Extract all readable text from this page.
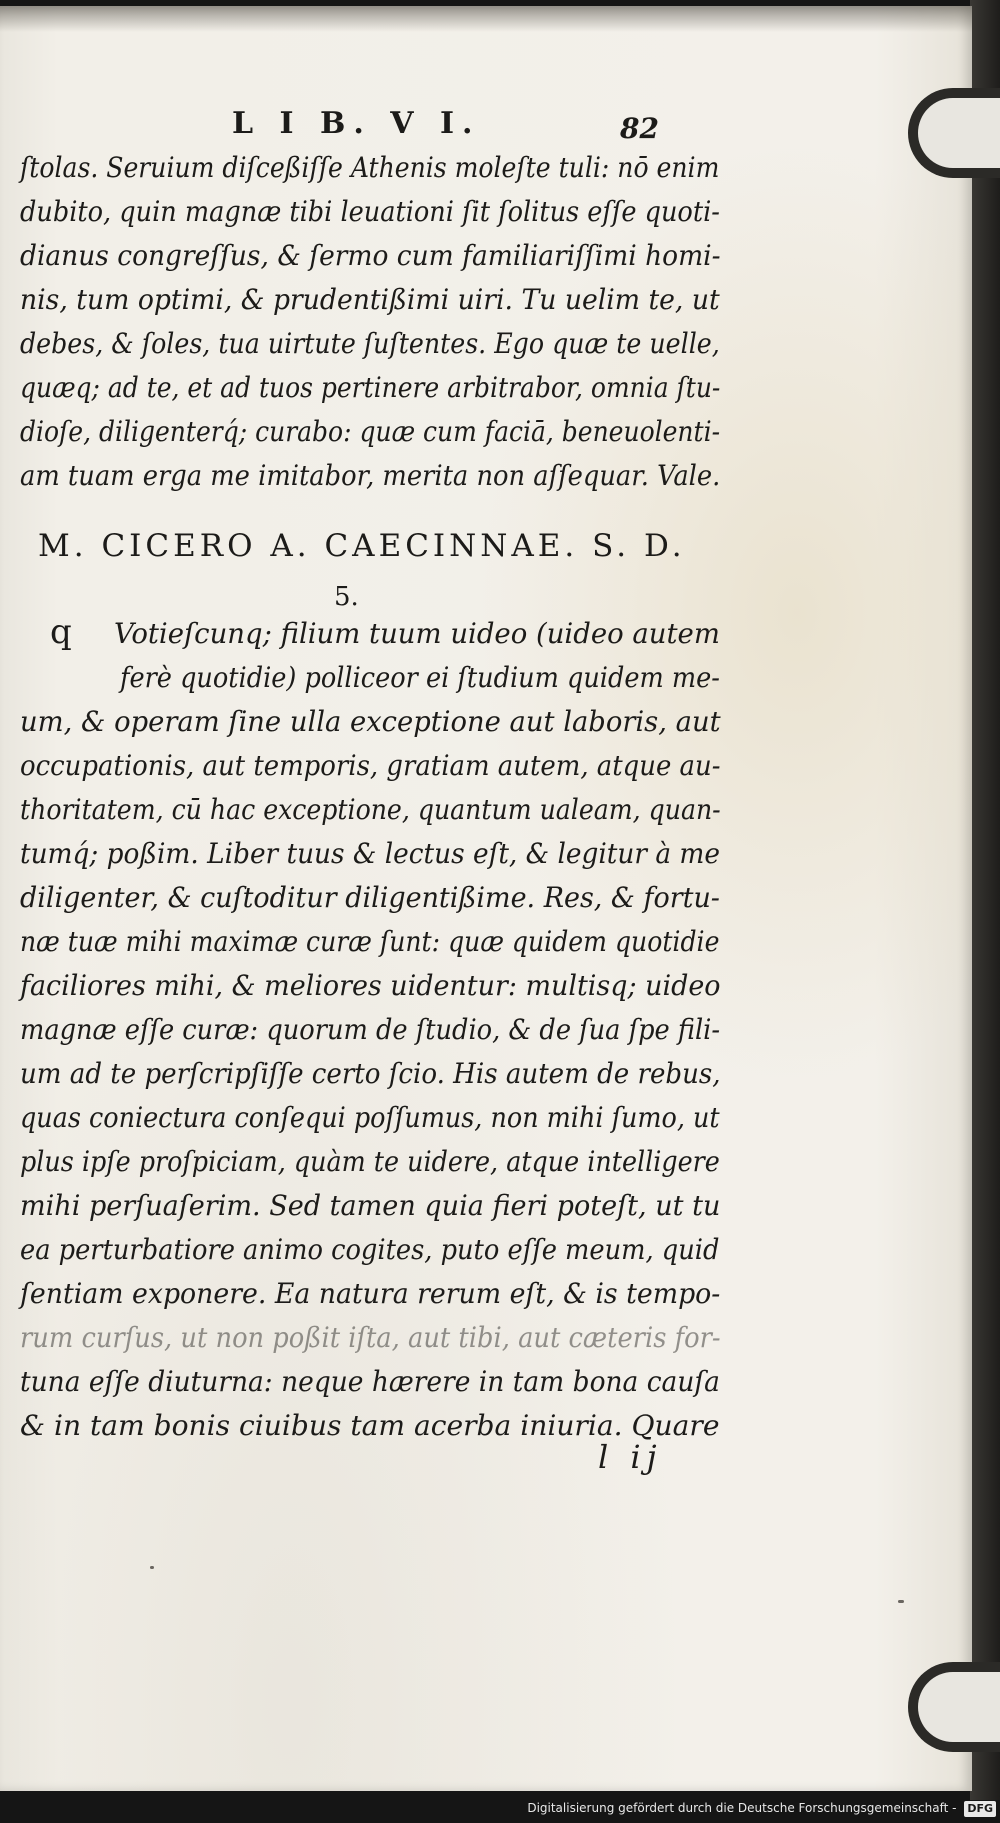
L I B. V I.	82
ſtolas. Seruium diſceßiſſe Athenis moleſte tuli: nō enim
dubito, quin magnæ tibi leuationi ſit ſolitus eſſe quoti-
dianus congreſſus, & ſermo cum familiariſſimi homi-
nis, tum optimi, & prudentißimi uiri. Tu uelim te, ut
debes, & ſoles, tua uirtute ſuſtentes. Ego quæ te uelle,
quæq; ad te, et ad tuos pertinere arbitrabor, omnia ſtu-
dioſe, diligenterq́; curabo: quæ cum faciā, beneuolenti-
am tuam erga me imitabor, merita non aſſequar. Vale.
M. CICERO A. CAECINNAE. S. D.
5.
q Votieſcunq; filium tuum uideo (uideo autem
ferè quotidie) polliceor ei ſtudium quidem me-
um, & operam ſine ulla exceptione aut laboris, aut
occupationis, aut temporis, gratiam autem, atque au-
thoritatem, cū hac exceptione, quantum ualeam, quan-
tumq́; poßim. Liber tuus & lectus eſt, & legitur à me
diligenter, & cuſtoditur diligentißime. Res, & fortu-
næ tuæ mihi maximæ curæ ſunt: quæ quidem quotidie
faciliores mihi, & meliores uidentur: multisq; uideo
magnæ eſſe curæ: quorum de ſtudio, & de ſua ſpe fili-
um ad te perſcripſiſſe certo ſcio. His autem de rebus,
quas coniectura conſequi poſſumus, non mihi ſumo, ut
plus ipſe proſpiciam, quàm te uidere, atque intelligere
mihi perſuaſerim. Sed tamen quia fieri poteſt, ut tu
ea perturbatiore animo cogites, puto eſſe meum, quid
ſentiam exponere. Ea natura rerum eſt, & is tempo-
rum curſus, ut non poßit iſta, aut tibi, aut cæteris for-
tuna eſſe diuturna: neque hærere in tam bona cauſa
& in tam bonis ciuibus tam acerba iniuria. Quare
l ij
Digitalisierung gefördert durch die Deutsche Forschungsgemeinschaft - DFG
